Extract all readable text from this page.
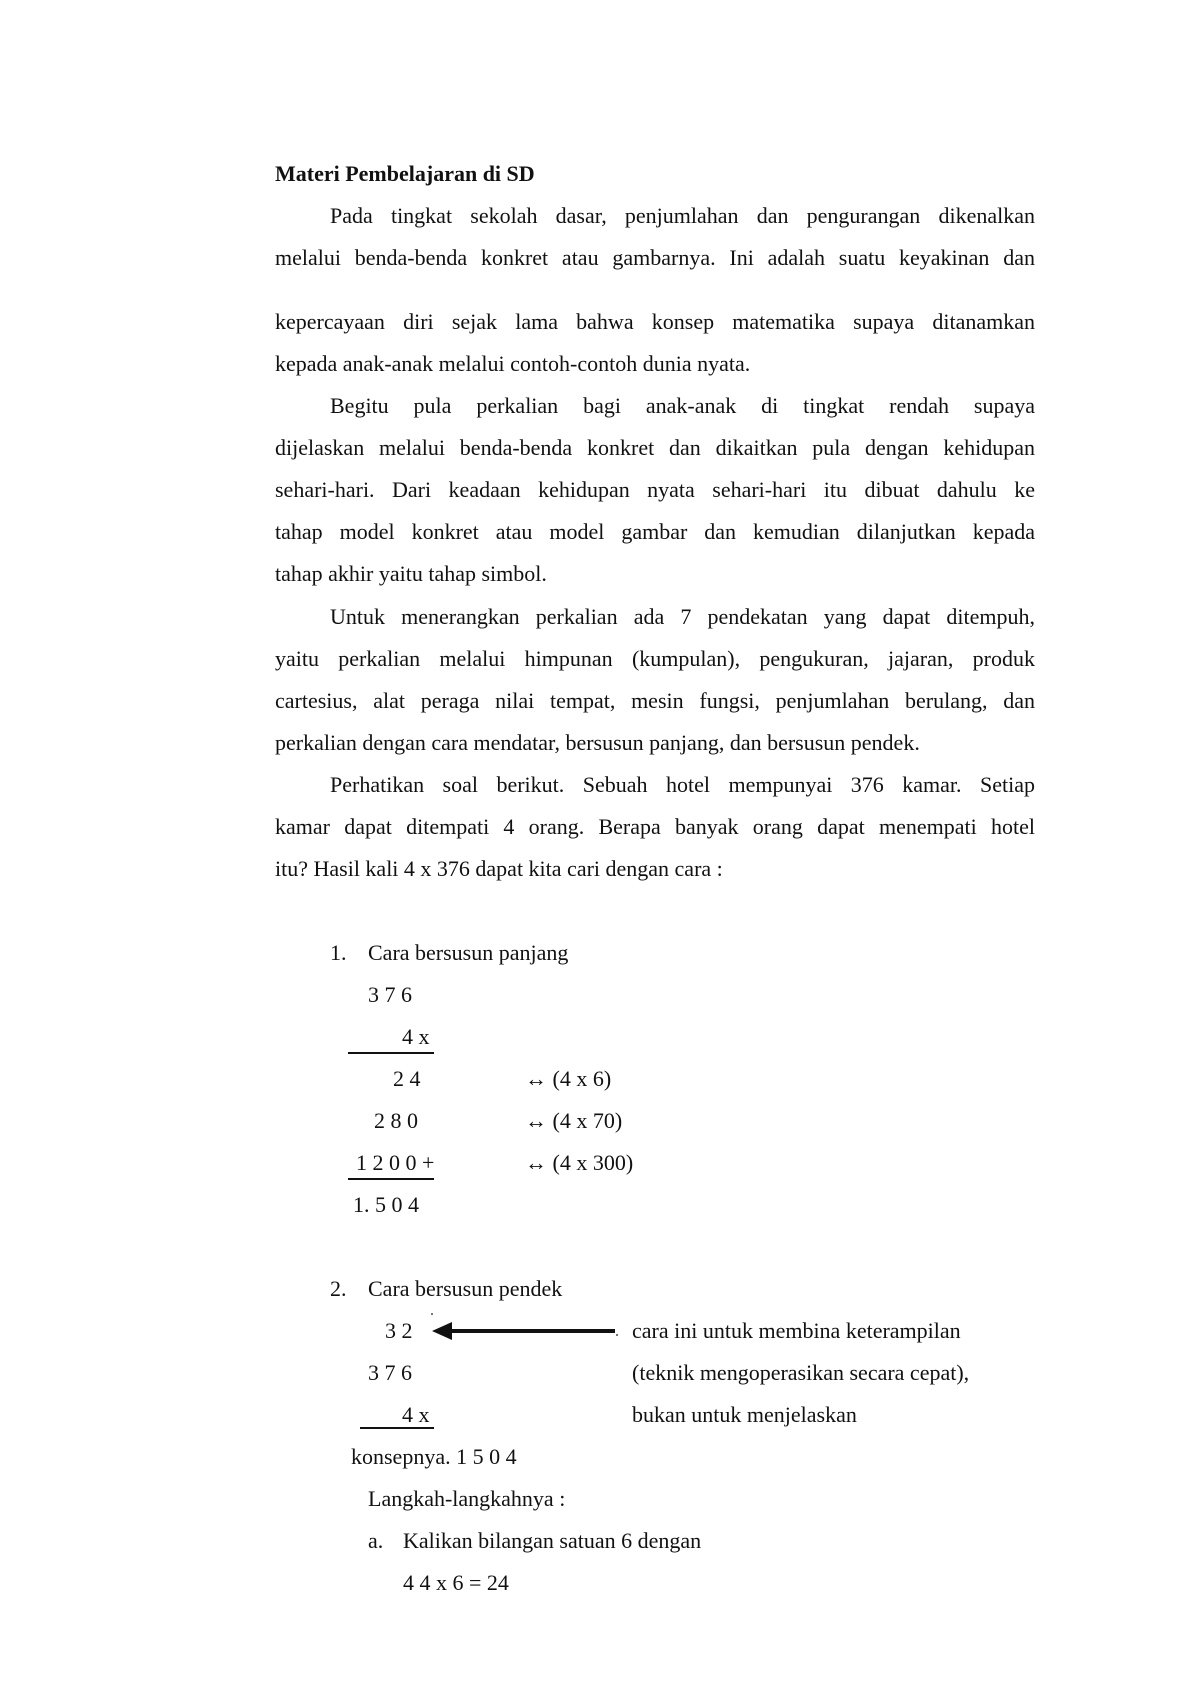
Materi Pembelajaran di SD
Pada tingkat sekolah dasar, penjumlahan dan pengurangan dikenalkan
melalui benda-benda konkret atau gambarnya. Ini adalah suatu keyakinan dan
kepercayaan diri sejak lama bahwa konsep matematika supaya ditanamkan
kepada anak-anak melalui contoh-contoh dunia nyata.
Begitu pula perkalian bagi anak-anak di tingkat rendah supaya
dijelaskan melalui benda-benda konkret dan dikaitkan pula dengan kehidupan
sehari-hari. Dari keadaan kehidupan nyata sehari-hari itu dibuat dahulu ke
tahap model konkret atau model gambar dan kemudian dilanjutkan kepada
tahap akhir yaitu tahap simbol.
Untuk menerangkan perkalian ada 7 pendekatan yang dapat ditempuh,
yaitu perkalian melalui himpunan (kumpulan), pengukuran, jajaran, produk
cartesius, alat peraga nilai tempat, mesin fungsi, penjumlahan berulang, dan
perkalian dengan cara mendatar, bersusun panjang, dan bersusun pendek.
Perhatikan soal berikut. Sebuah hotel mempunyai 376 kamar. Setiap
kamar dapat ditempati 4 orang. Berapa banyak orang dapat menempati hotel
itu? Hasil kali 4 x 376 dapat kita cari dengan cara :
1. Cara bersusun panjang
3 7 6
4 x
2 4
2 8 0
1 2 0 0 +
1. 5 0 4
↔ (4 x 6)
↔ (4 x 70)
↔ (4 x 300)
2. Cara bersusun pendek
3 2
3 7 6
4 x
cara ini untuk membina keterampilan
(teknik mengoperasikan secara cepat),
bukan untuk menjelaskan
konsepnya. 1 5 0 4
Langkah-langkahnya :
a. Kalikan bilangan satuan 6 dengan
4 4 x 6 = 24
